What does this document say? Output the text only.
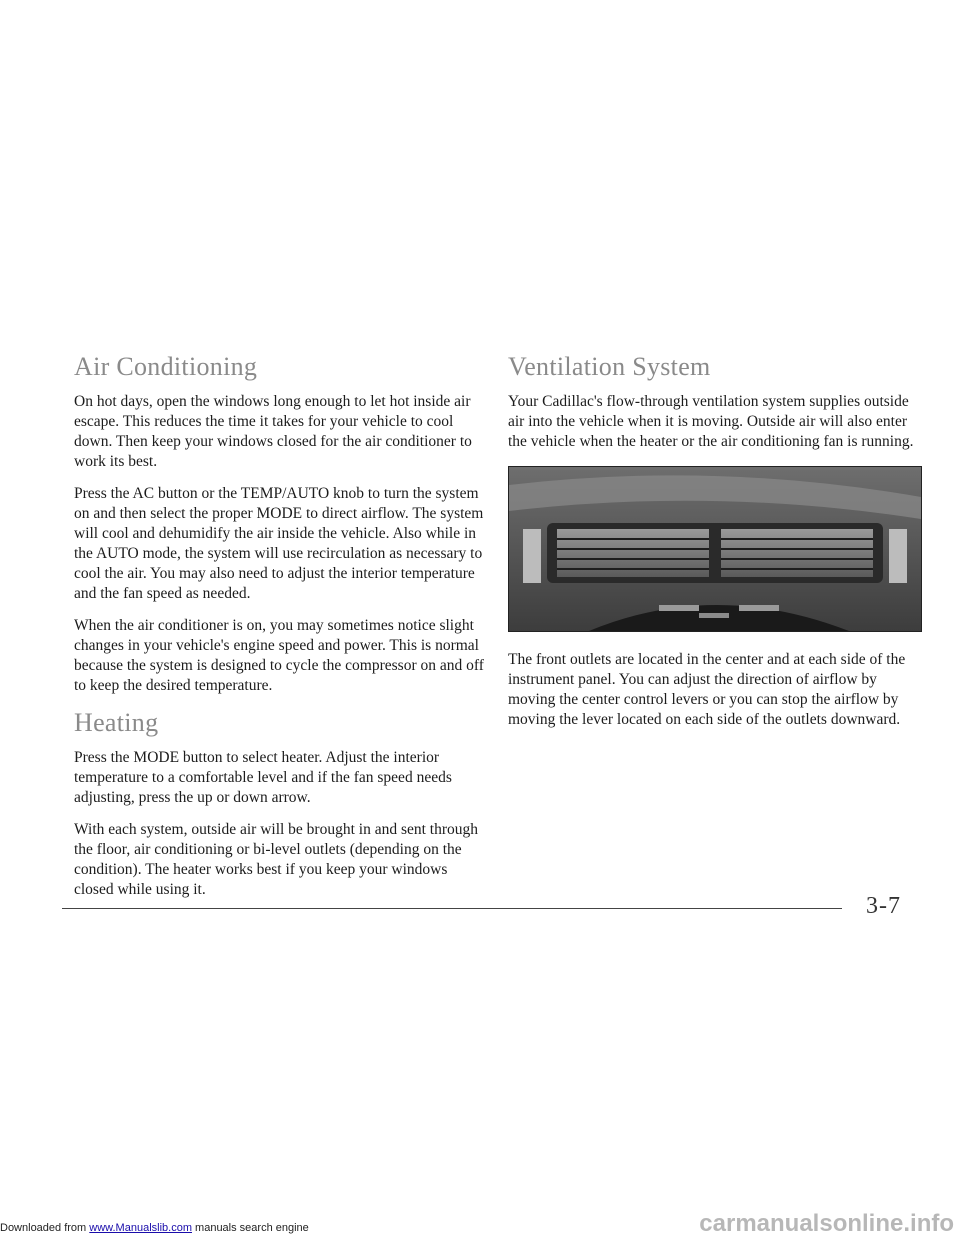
Air Conditioning

On hot days, open the windows long enough to let hot inside air escape. This reduces the time it takes for your vehicle to cool down. Then keep your windows closed for the air conditioner to work its best.

Press the AC button or the TEMP/AUTO knob to turn the system on and then select the proper MODE to direct airflow. The system will cool and dehumidify the air inside the vehicle. Also while in the AUTO mode, the system will use recirculation as necessary to cool the air. You may also need to adjust the interior temperature and the fan speed as needed.

When the air conditioner is on, you may sometimes notice slight changes in your vehicle's engine speed and power. This is normal because the system is designed to cycle the compressor on and off to keep the desired temperature.

Heating

Press the MODE button to select heater. Adjust the interior temperature to a comfortable level and if the fan speed needs adjusting, press the up or down arrow.

With each system, outside air will be brought in and sent through the floor, air conditioning or bi-level outlets (depending on the condition). The heater works best if you keep your windows closed while using it.

Ventilation System

Your Cadillac's flow-through ventilation system supplies outside air into the vehicle when it is moving. Outside air will also enter the vehicle when the heater or the air conditioning fan is running.

The front outlets are located in the center and at each side of the instrument panel. You can adjust the direction of airflow by moving the center control levers or you can stop the airflow by moving the lever located on each side of the outlets downward.

3-7
Downloaded from www.Manualslib.com manuals search engine	carmanualsonline.info
